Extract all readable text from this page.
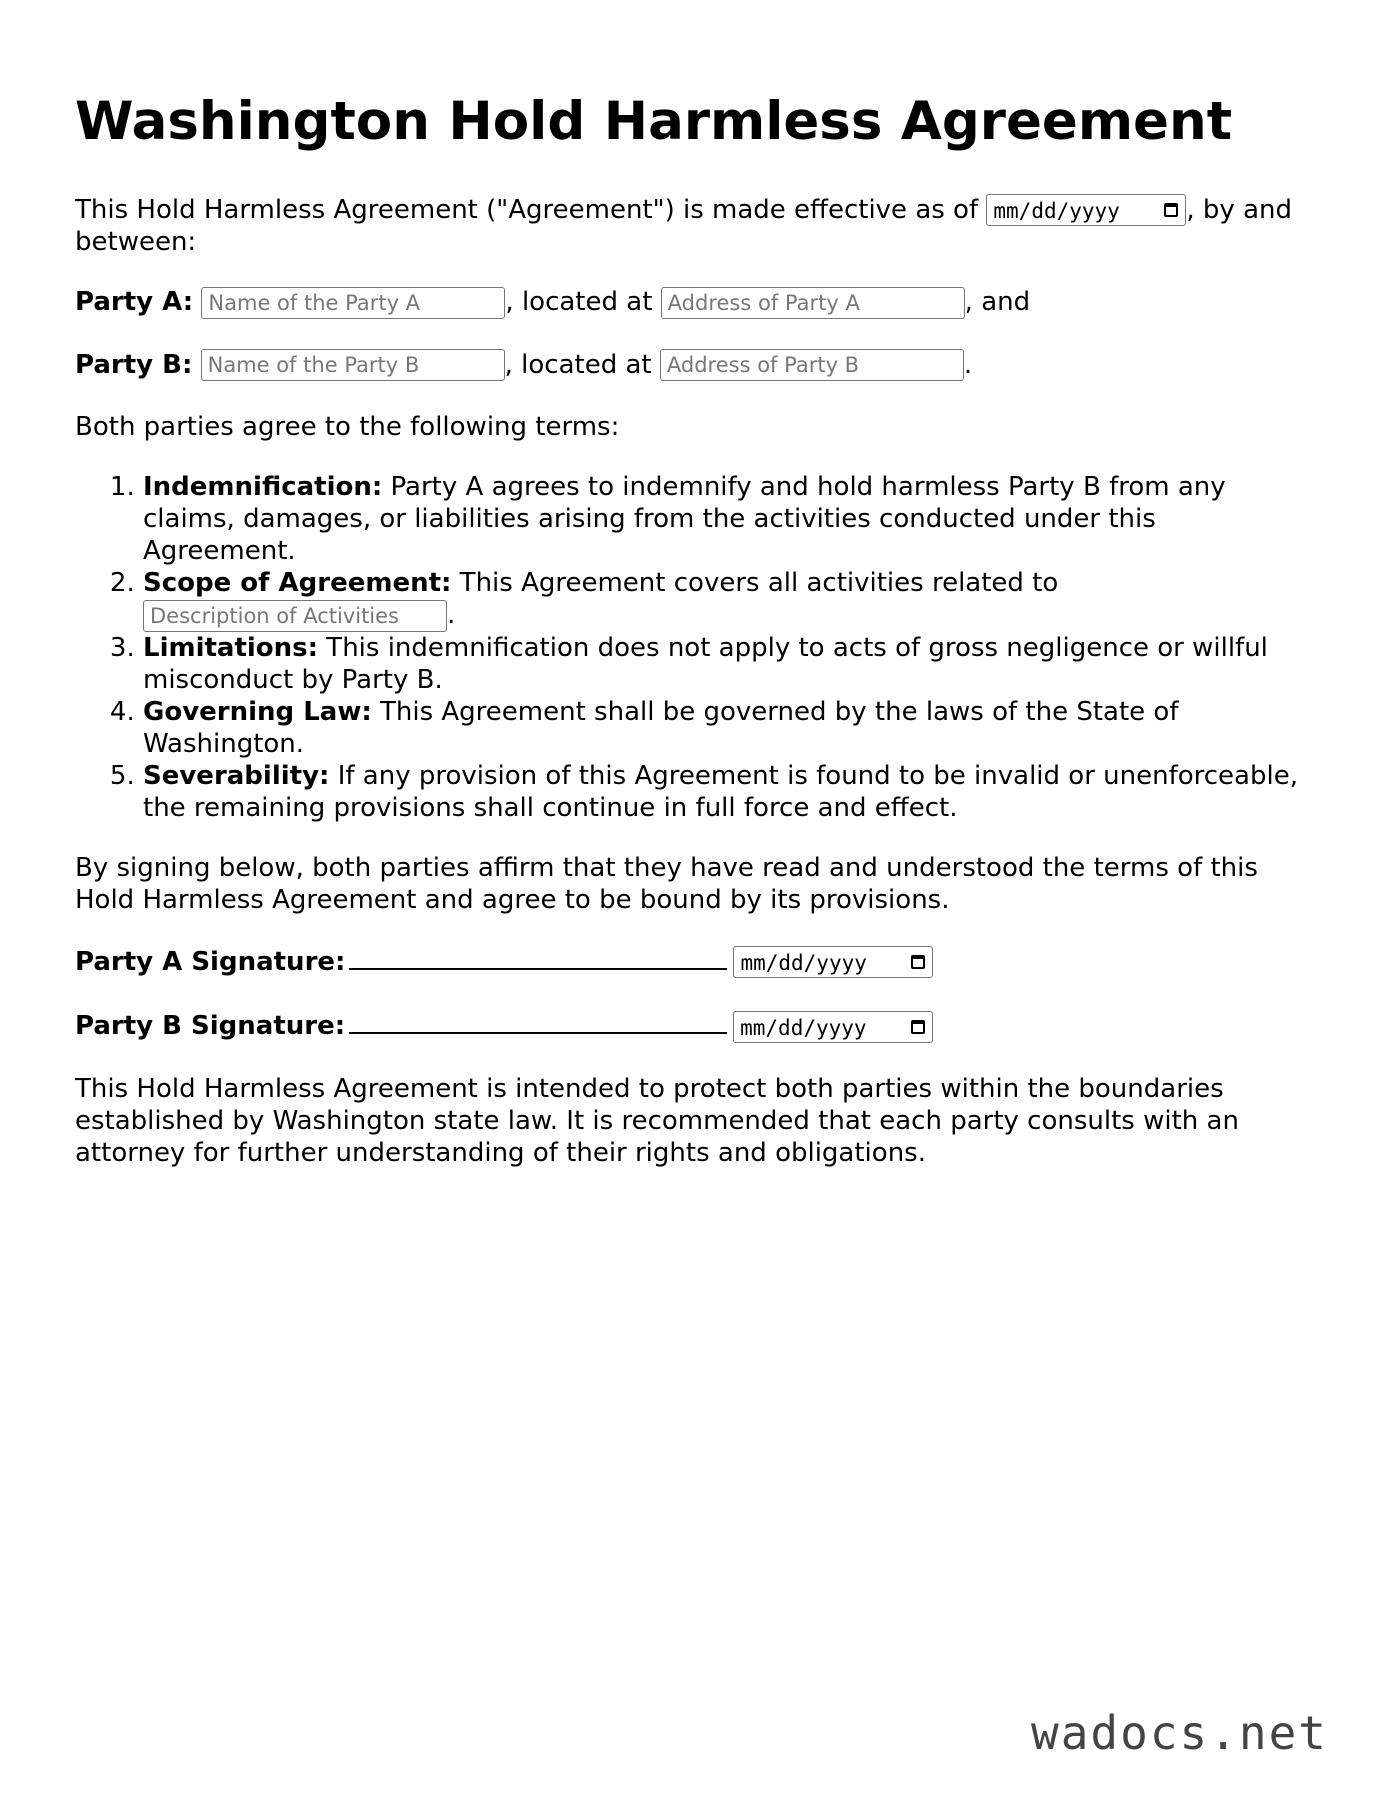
Washington Hold Harmless Agreement

This Hold Harmless Agreement ("Agreement") is made effective as of mm/dd/yyyy	, by and between:

Party A: Name of the Party A	, located at Address of Party A	, and

Party B: Name of the Party B	, located at Address of Party B	.

Both parties agree to the following terms:

1. Indemnification: Party A agrees to indemnify and hold harmless Party B from any claims, damages, or liabilities arising from the activities conducted under this Agreement.
2. Scope of Agreement: This Agreement covers all activities related to
Description of Activities.
3. Limitations: This indemnification does not apply to acts of gross negligence or willful misconduct by Party B.
4. Governing Law: This Agreement shall be governed by the laws of the State of Washington.
5. Severability: If any provision of this Agreement is found to be invalid or unenforceable, the remaining provisions shall continue in full force and effect.

By signing below, both parties affirm that they have read and understood the terms of this Hold Harmless Agreement and agree to be bound by its provisions.

Party A Signature:	mm/dd/yyyy

Party B Signature:	mm/dd/yyyy

This Hold Harmless Agreement is intended to protect both parties within the boundaries established by Washington state law. It is recommended that each party consults with an attorney for further understanding of their rights and obligations.

wadocs.net
